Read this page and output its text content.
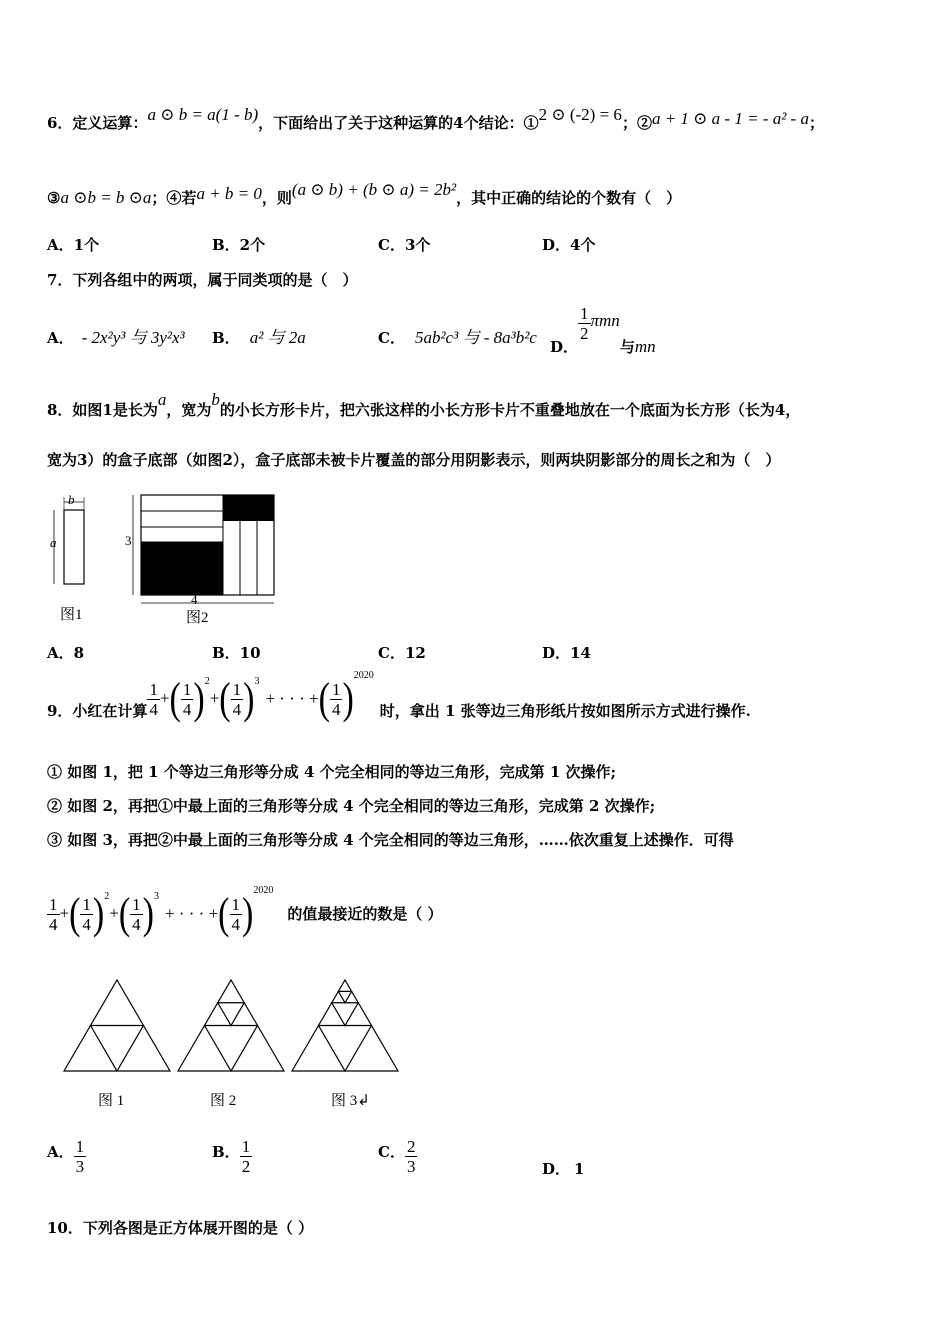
6．定义运算：a ⊙ b = a(1 - b)，下面给出了关于这种运算的4个结论：①2 ⊙ (-2) = 6；②a + 1 ⊙ a - 1 = - a² - a；
③a ⊙b = b ⊙a；④若a + b = 0，则(a ⊙ b) + (b ⊙ a) = 2b²，其中正确的结论的个数有（　）
A．1个	B．2个	C．3个	D．4个
7．下列各组中的两项，属于同类项的是（　）
A． - 2x²y³ 与 3y²x³ B． a² 与 2a	C． 5ab²c³ 与 - 8a³b²c D．
$\frac{1}{2}$ πmn与mn
8．如图1是长为a，宽为b的小长方形卡片，把六张这样的小长方形卡片不重叠地放在一个底面为长方形（长为4，
宽为3）的盒子底部（如图2），盒子底部未被卡片覆盖的部分用阴影表示，则两块阴影部分的周长之和为（　）
a
b
图1
3
4
图2
A．8	B．10	C．12	D．14
9．小红在计算 $\frac{1}{4}$ +( $\frac{1}{4} )^2+( \frac{1}{4} )^3+$ · · · +( $\frac{1}{4} )^{2020}$时，拿出 1 张等边三角形纸片按如图所示方式进行操作.
① 如图 1，把 1 个等边三角形等分成 4 个完全相同的等边三角形，完成第 1 次操作;
② 如图 2，再把①中最上面的三角形等分成 4 个完全相同的等边三角形，完成第 2 次操作;
③ 如图 3，再把②中最上面的三角形等分成 4 个完全相同的等边三角形，……依次重复上述操作．可得
$\frac{1}{4}$ +( $\frac{1}{4} )^2+( \frac{1}{4} )^3+$ · · · +( $\frac{1}{4} )^{2020}$的值最接近的数是（ ）
图 1	图 2	图 3↲
A． $\frac{1}{3}$	B． $\frac{1}{2}$	C． $\frac{2}{3}$	D． 1
10．下列各图是正方体展开图的是（ ）
